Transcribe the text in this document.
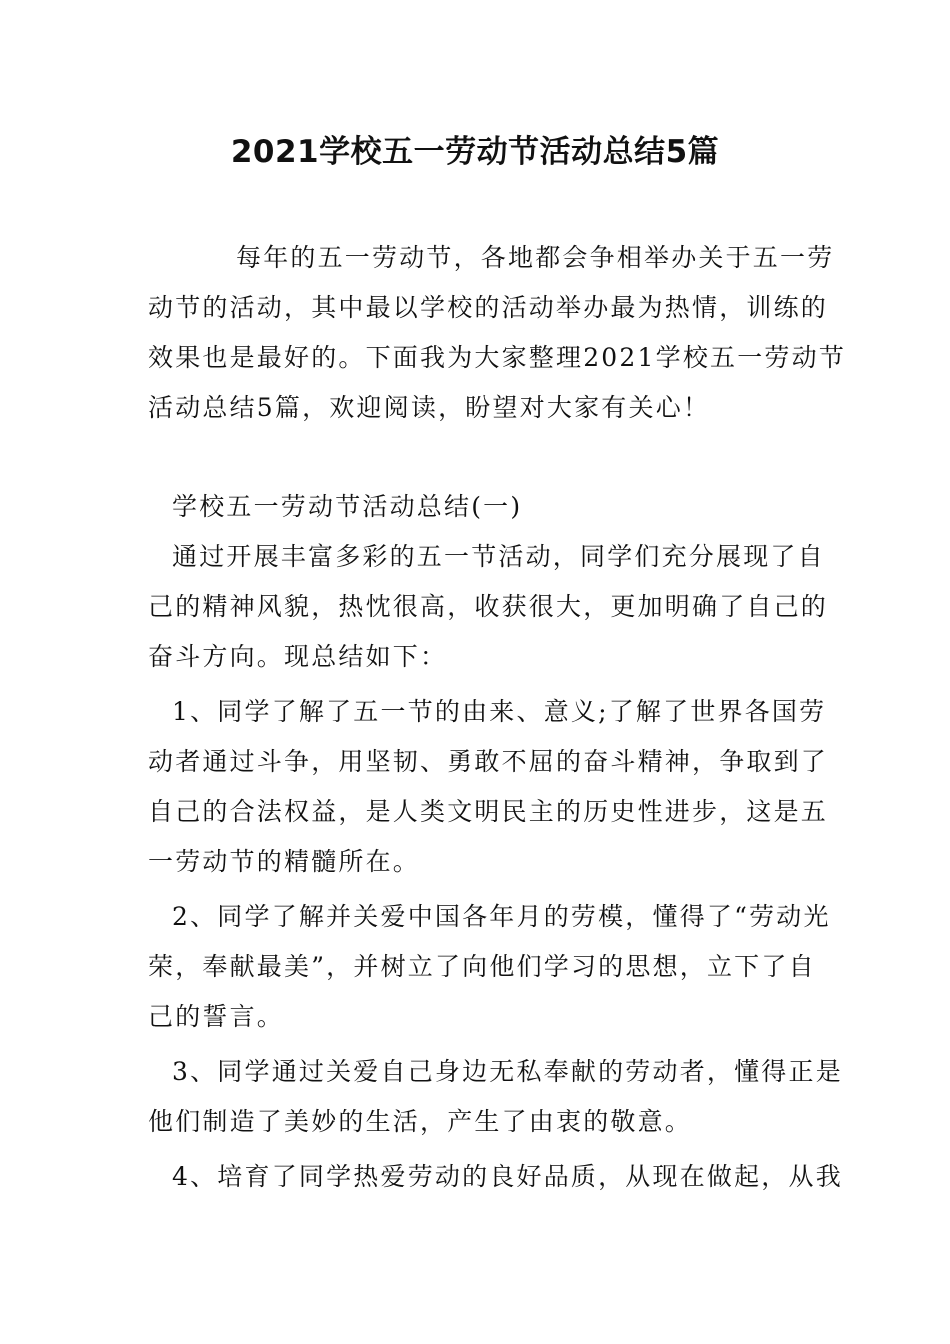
2021学校五一劳动节活动总结5篇
每年的五一劳动节，各地都会争相举办关于五一劳
动节的活动，其中最以学校的活动举办最为热情，训练的
效果也是最好的。下面我为大家整理2021学校五一劳动节
活动总结5篇，欢迎阅读，盼望对大家有关心！
学校五一劳动节活动总结(一)
通过开展丰富多彩的五一节活动，同学们充分展现了自
己的精神风貌，热忱很高，收获很大，更加明确了自己的
奋斗方向。现总结如下：
1、同学了解了五一节的由来、意义;了解了世界各国劳
动者通过斗争，用坚韧、勇敢不屈的奋斗精神，争取到了
自己的合法权益，是人类文明民主的历史性进步，这是五
一劳动节的精髓所在。
2、同学了解并关爱中国各年月的劳模，懂得了“劳动光
荣，奉献最美”，并树立了向他们学习的思想，立下了自
己的誓言。
3、同学通过关爱自己身边无私奉献的劳动者，懂得正是
他们制造了美妙的生活，产生了由衷的敬意。
4、培育了同学热爱劳动的良好品质，从现在做起，从我
